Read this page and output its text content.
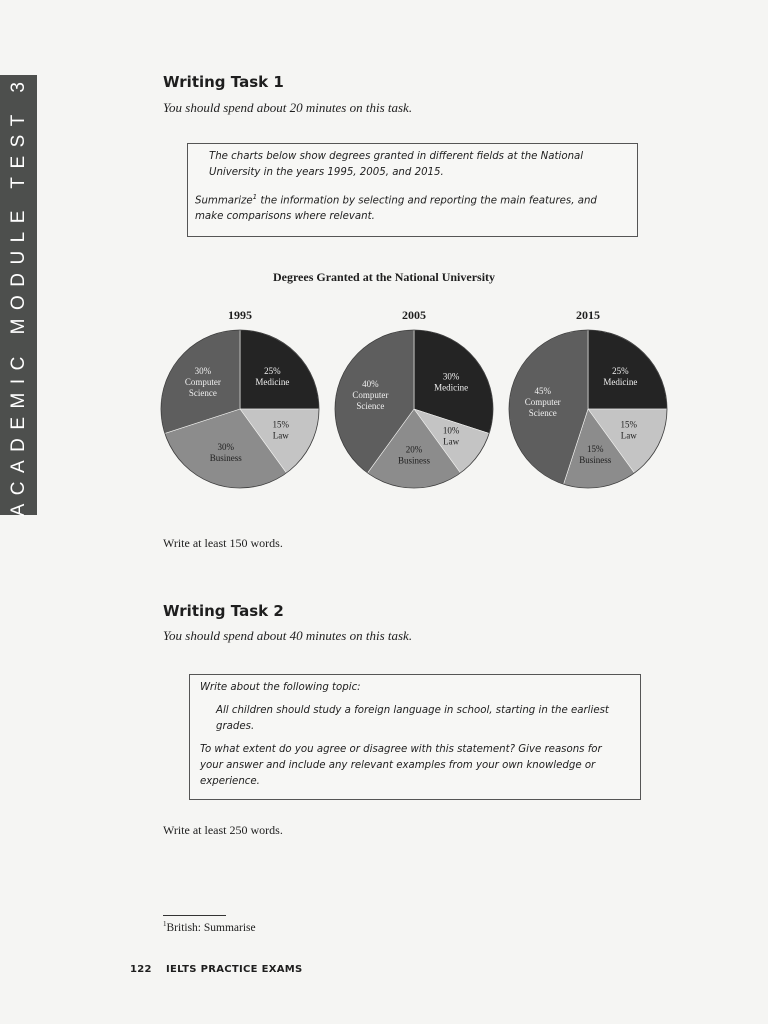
ACADEMIC MODULE TEST 3	Writing Task 1

You should spend about 20 minutes on this task.

The charts below show degrees granted in different fields at the National University in the years 1995, 2005, and 2015.

Summarize$^1$ the information by selecting and reporting the main features, and make comparisons where relevant.

Degrees Granted at the National University

1995
25% Medicine
15% Law
30% Business
30% Computer Science
2005
30% Medicine
10% Law
20% Business
40% Computer Science
2015
25% Medicine
15% Law
15% Business
45% Computer Science

Write at least 150 words.

Writing Task 2

You should spend about 40 minutes on this task.

Write about the following topic:

All children should study a foreign language in school, starting in the earliest grades.

To what extent do you agree or disagree with this statement? Give reasons for your answer and include any relevant examples from your own knowledge or experience.

Write at least 250 words.

$^1$British: Summarise
122 IELTS PRACTICE EXAMS
